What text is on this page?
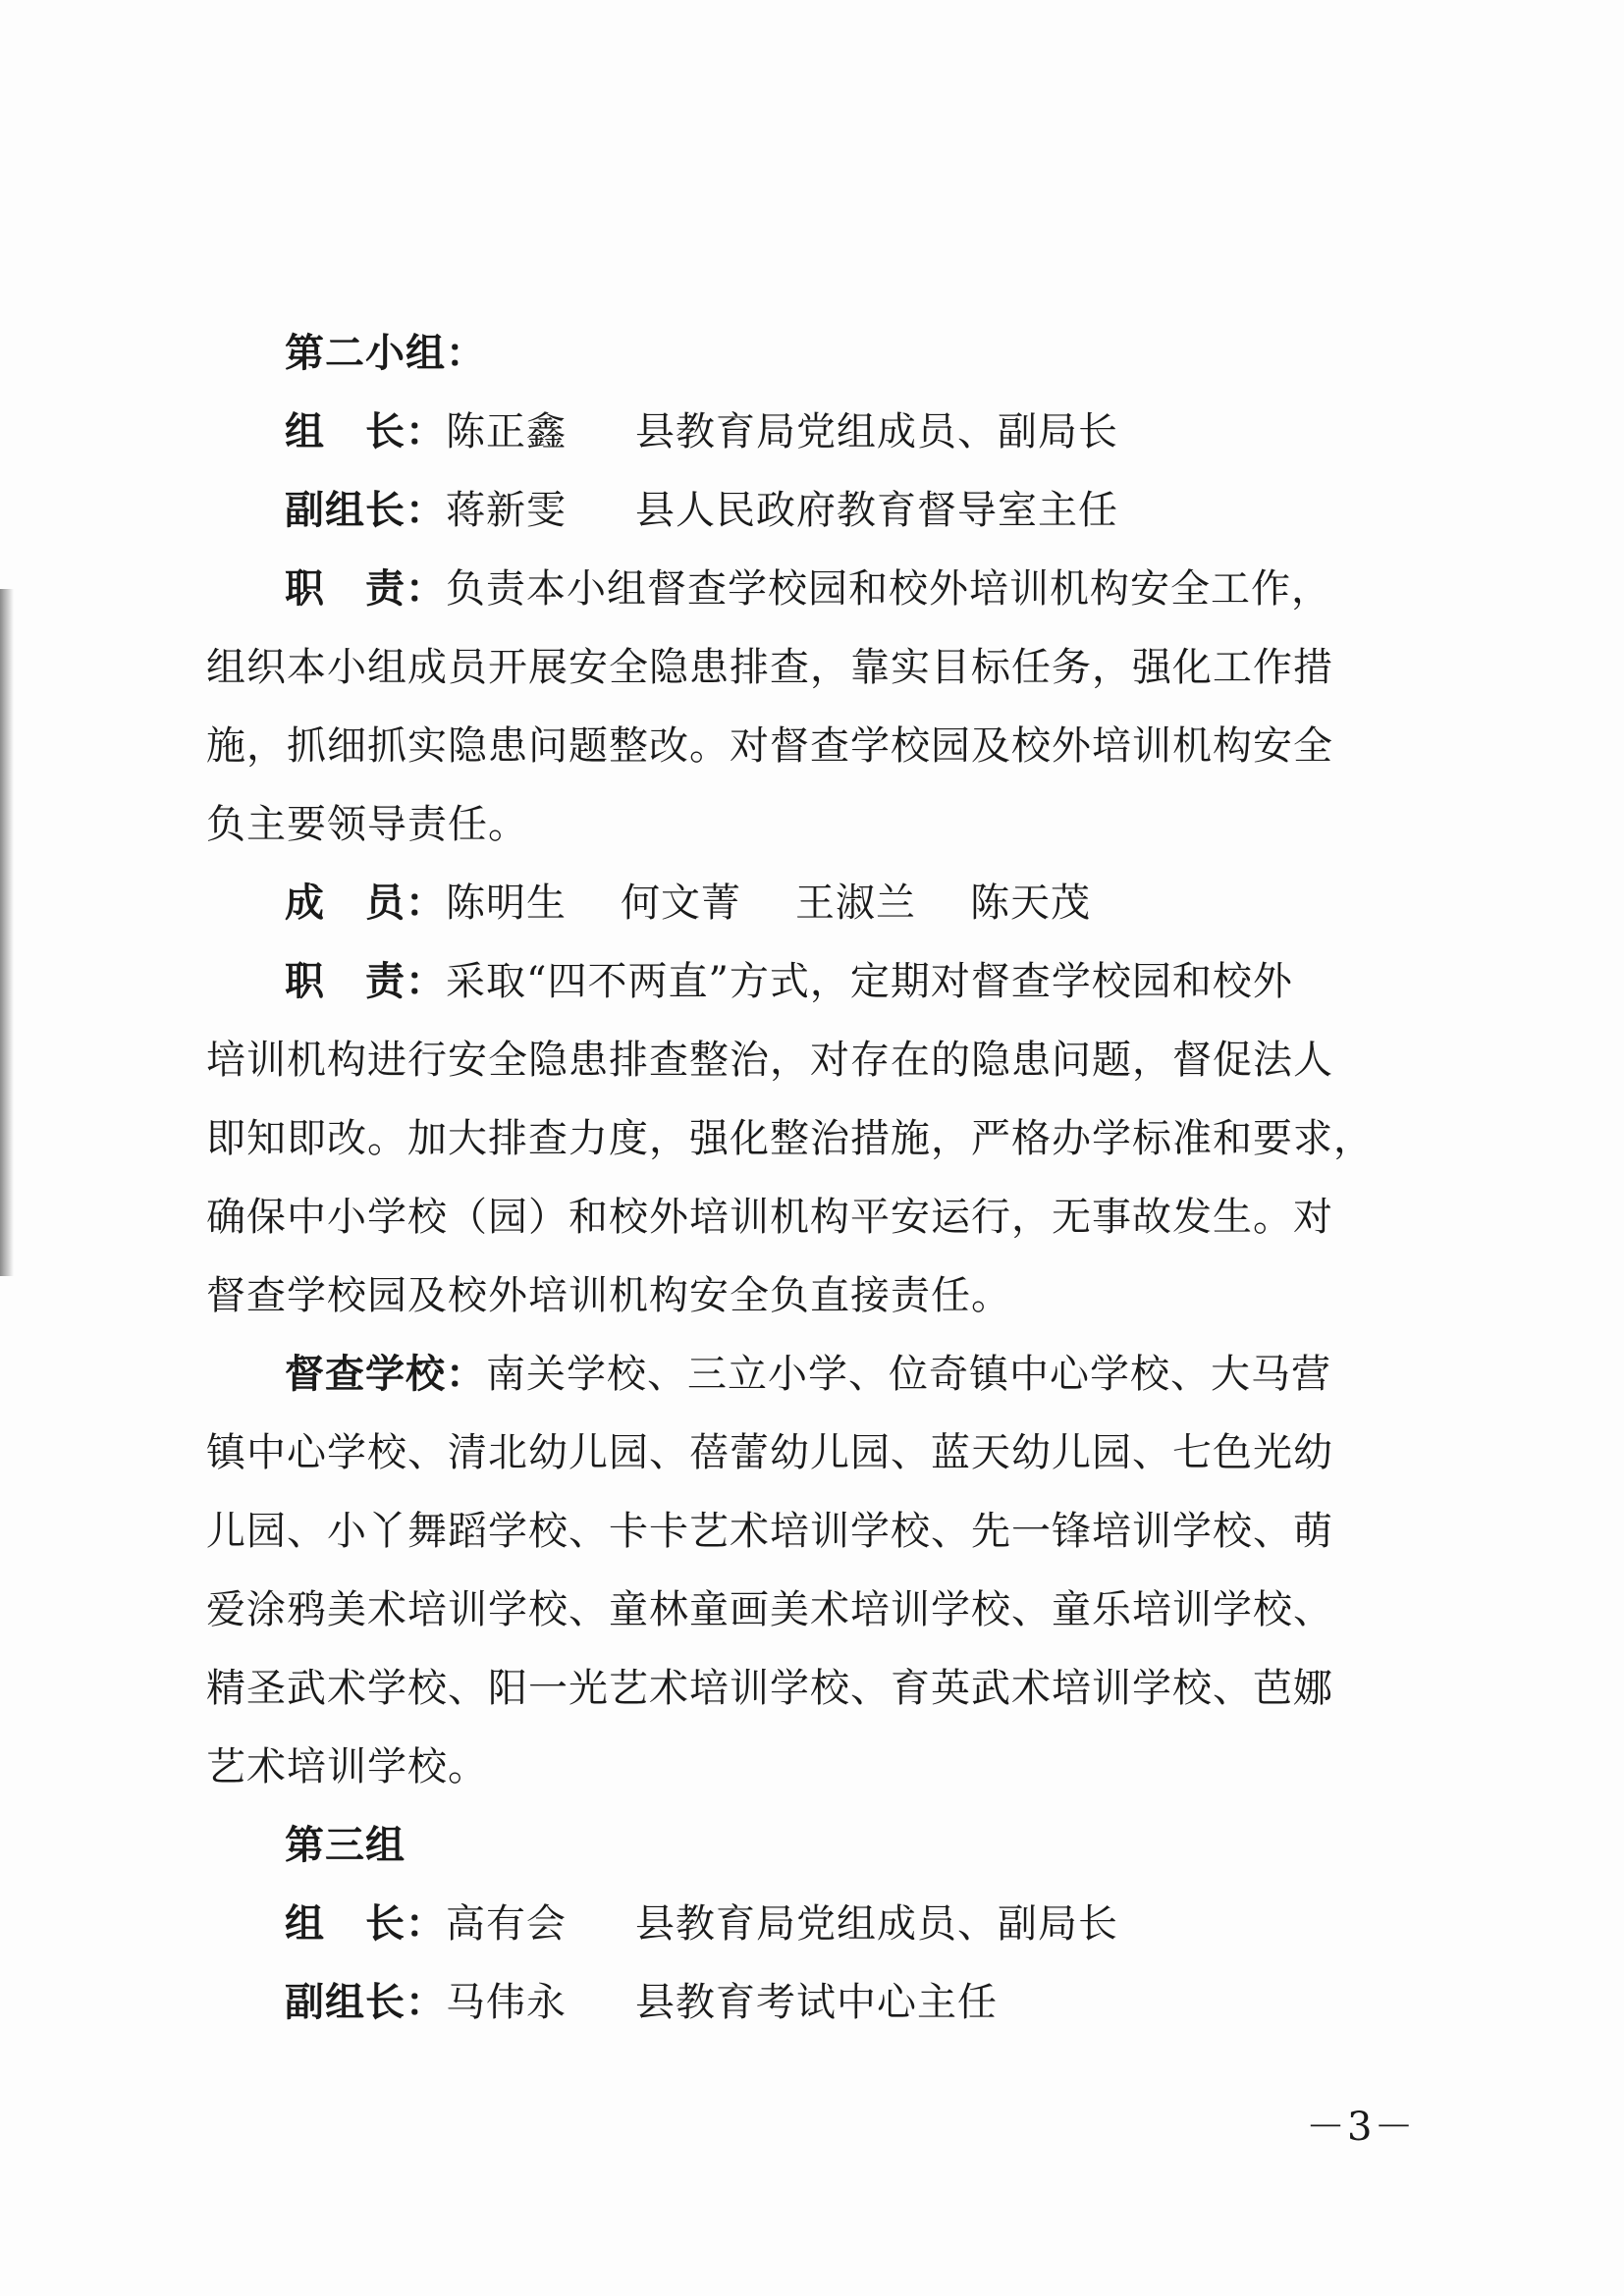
第二小组：
组　长：陈正鑫 县教育局党组成员、副局长
副组长：蒋新雯 县人民政府教育督导室主任
职　责：负责本小组督查学校园和校外培训机构安全工作，
组织本小组成员开展安全隐患排查，靠实目标任务，强化工作措
施，抓细抓实隐患问题整改。对督查学校园及校外培训机构安全
负主要领导责任。
成　员：陈明生 何文菁 王淑兰 陈天茂
职　责：采取“四不两直”方式，定期对督查学校园和校外
培训机构进行安全隐患排查整治，对存在的隐患问题，督促法人
即知即改。加大排查力度，强化整治措施，严格办学标准和要求，
确保中小学校（园）和校外培训机构平安运行，无事故发生。对
督查学校园及校外培训机构安全负直接责任。
督查学校：南关学校、三立小学、位奇镇中心学校、大马营
镇中心学校、清北幼儿园、蓓蕾幼儿园、蓝天幼儿园、七色光幼
儿园、小丫舞蹈学校、卡卡艺术培训学校、先一锋培训学校、萌
爱涂鸦美术培训学校、童林童画美术培训学校、童乐培训学校、
精圣武术学校、阳一光艺术培训学校、育英武术培训学校、芭娜
艺术培训学校。
第三组
组　长：高有会 县教育局党组成员、副局长
副组长：马伟永 县教育考试中心主任
－3－
